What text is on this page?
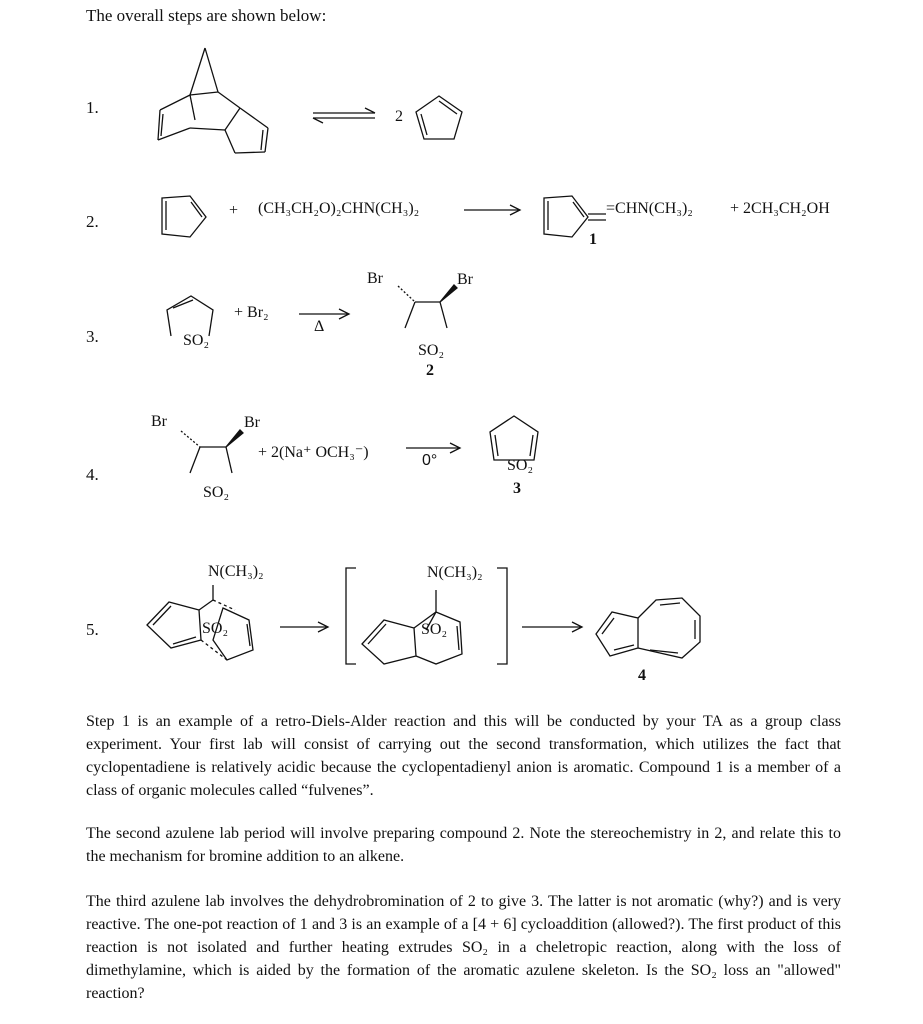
The overall steps are shown below:
1.	2
2.
+ (CH₃CH₂O)₂CHN(CH₃)₂	=CHN(CH₃)₂ + 2CH₃CH₂OH
1
3.	SO₂
+ Br₂
Δ
Br	Br
SO₂
2
4.
Br	Br
SO₂
+ 2(Na⁺ OCH₃⁻)	0°	SO₂
3
5.
N(CH₃)₂
SO₂
N(CH₃)₂
SO₂
4

Step 1 is an example of a retro-Diels-Alder reaction and this will be conducted by your TA as a group class experiment. Your first lab will consist of carrying out the second transformation, which utilizes the fact that cyclopentadiene is relatively acidic because the cyclopentadienyl anion is aromatic. Compound 1 is a member of a class of organic molecules called “fulvenes”.

The second azulene lab period will involve preparing compound 2. Note the stereochemistry in 2, and relate this to the mechanism for bromine addition to an alkene.

The third azulene lab involves the dehydrobromination of 2 to give 3. The latter is not aromatic (why?) and is very reactive. The one-pot reaction of 1 and 3 is an example of a [4 + 6] cycloaddition (allowed?). The first product of this reaction is not isolated and further heating extrudes SO₂ in a cheletropic reaction, along with the loss of dimethylamine, which is aided by the formation of the aromatic azulene skeleton. Is the SO₂ loss an "allowed" reaction?
